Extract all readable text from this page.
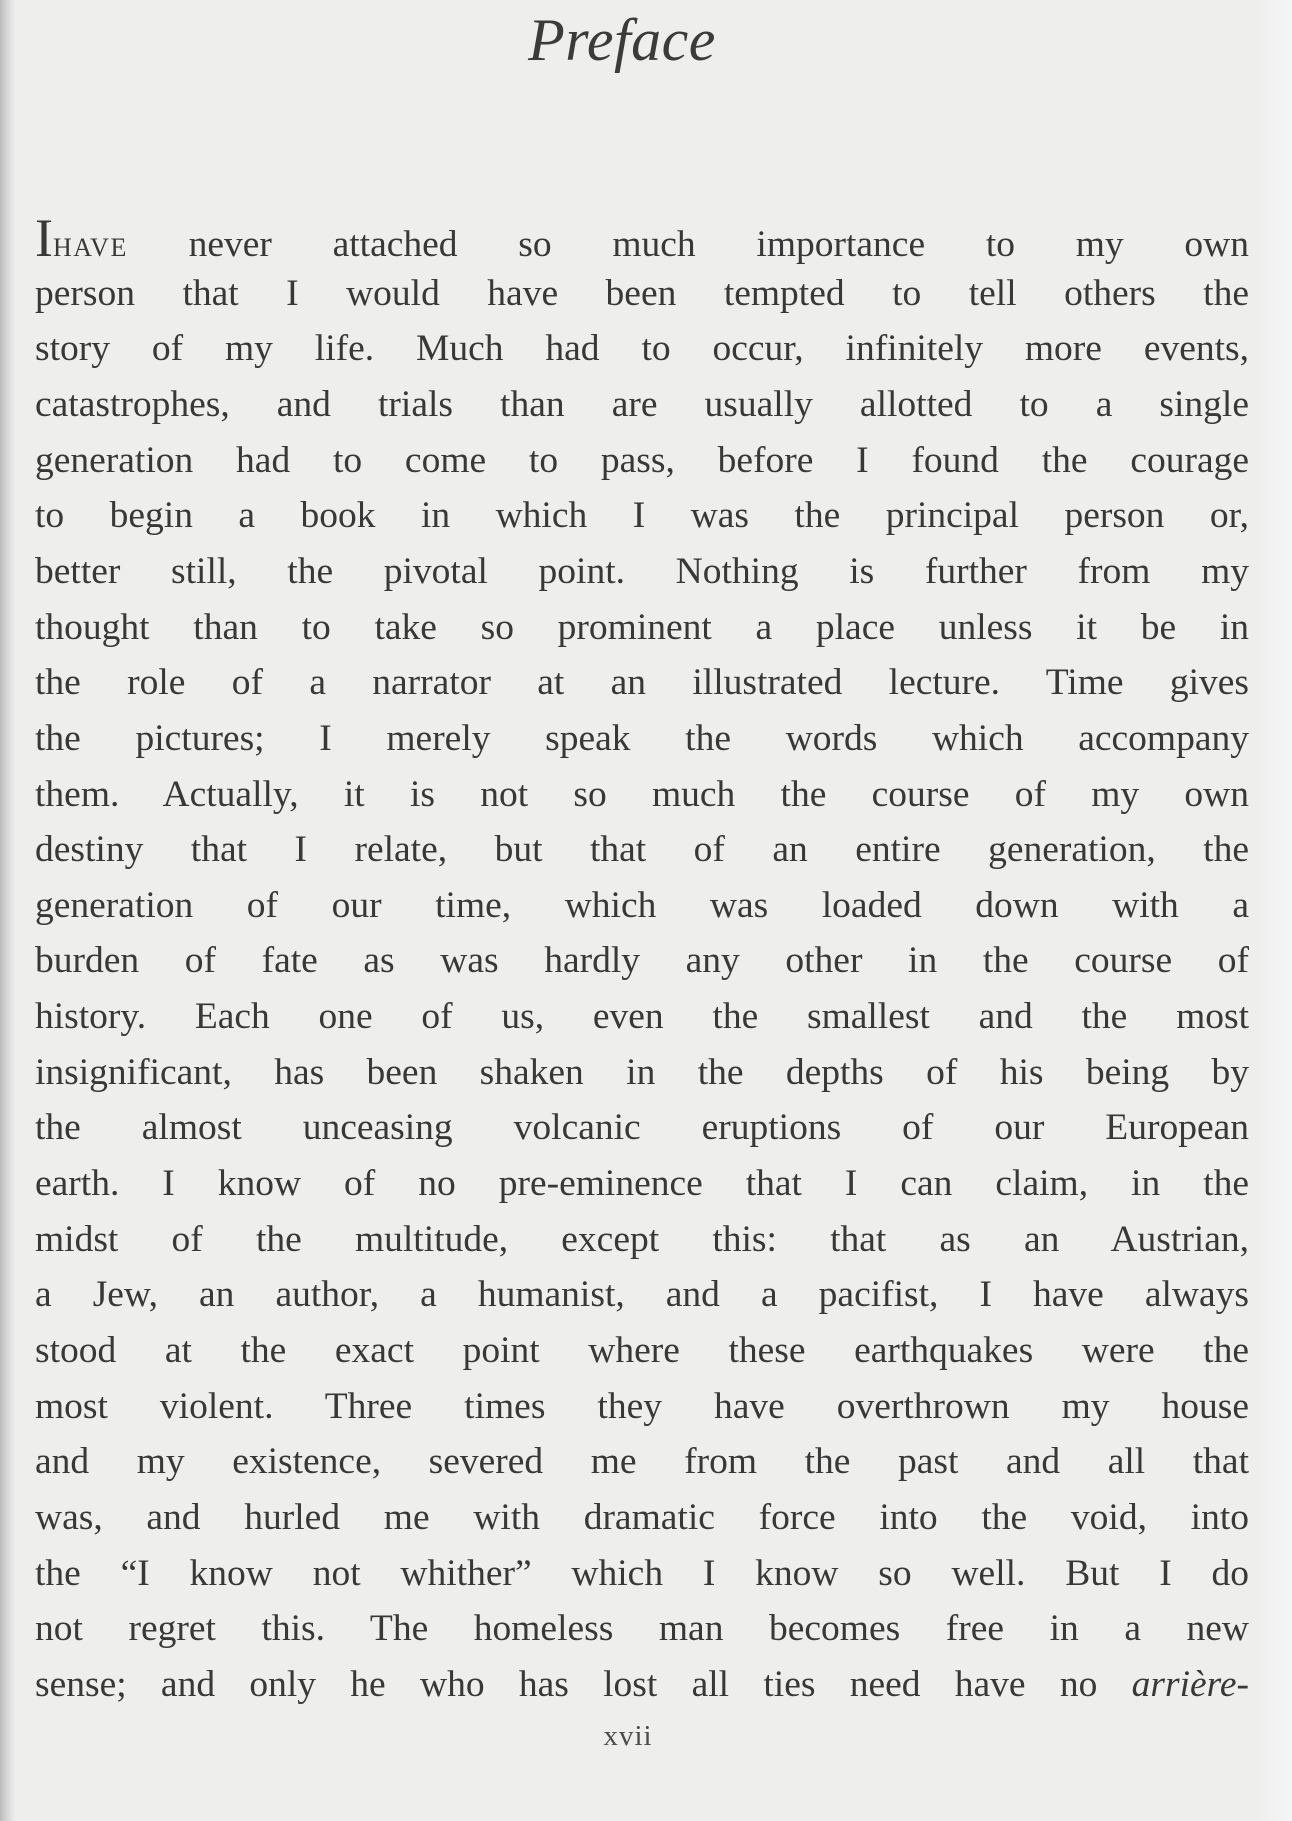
Preface
Ihave never attached so much importance to my own
person that I would have been tempted to tell others the
story of my life. Much had to occur, infinitely more events,
catastrophes, and trials than are usually allotted to a single
generation had to come to pass, before I found the courage
to begin a book in which I was the principal person or,
better still, the pivotal point. Nothing is further from my
thought than to take so prominent a place unless it be in
the role of a narrator at an illustrated lecture. Time gives
the pictures; I merely speak the words which accompany
them. Actually, it is not so much the course of my own
destiny that I relate, but that of an entire generation, the
generation of our time, which was loaded down with a
burden of fate as was hardly any other in the course of
history. Each one of us, even the smallest and the most
insignificant, has been shaken in the depths of his being by
the almost unceasing volcanic eruptions of our European
earth. I know of no pre-eminence that I can claim, in the
midst of the multitude, except this: that as an Austrian,
a Jew, an author, a humanist, and a pacifist, I have always
stood at the exact point where these earthquakes were the
most violent. Three times they have overthrown my house
and my existence, severed me from the past and all that
was, and hurled me with dramatic force into the void, into
the “I know not whither” which I know so well. But I do
not regret this. The homeless man becomes free in a new
sense; and only he who has lost all ties need have no arrière-
xvii
